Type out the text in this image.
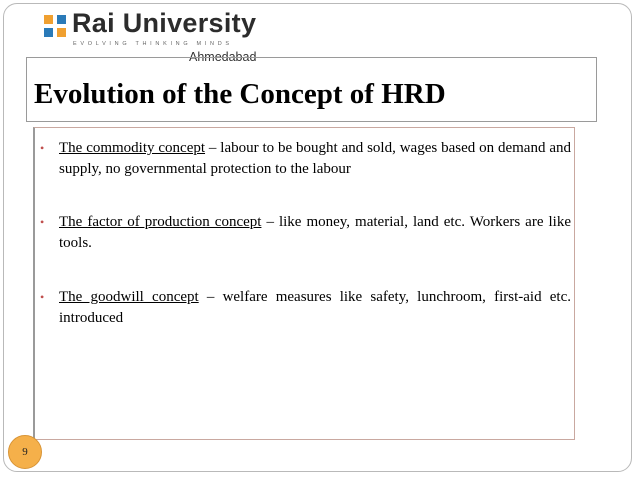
Rai University
EVOLVING THINKING MINDS
Ahmedabad
Evolution of the Concept of HRD
• The commodity concept – labour to be bought and sold, wages based on demand and supply, no governmental protection to the labour
• The factor of production concept – like money, material, land etc. Workers are like tools.
• The goodwill concept – welfare measures like safety, lunchroom, first-aid etc. introduced
9
